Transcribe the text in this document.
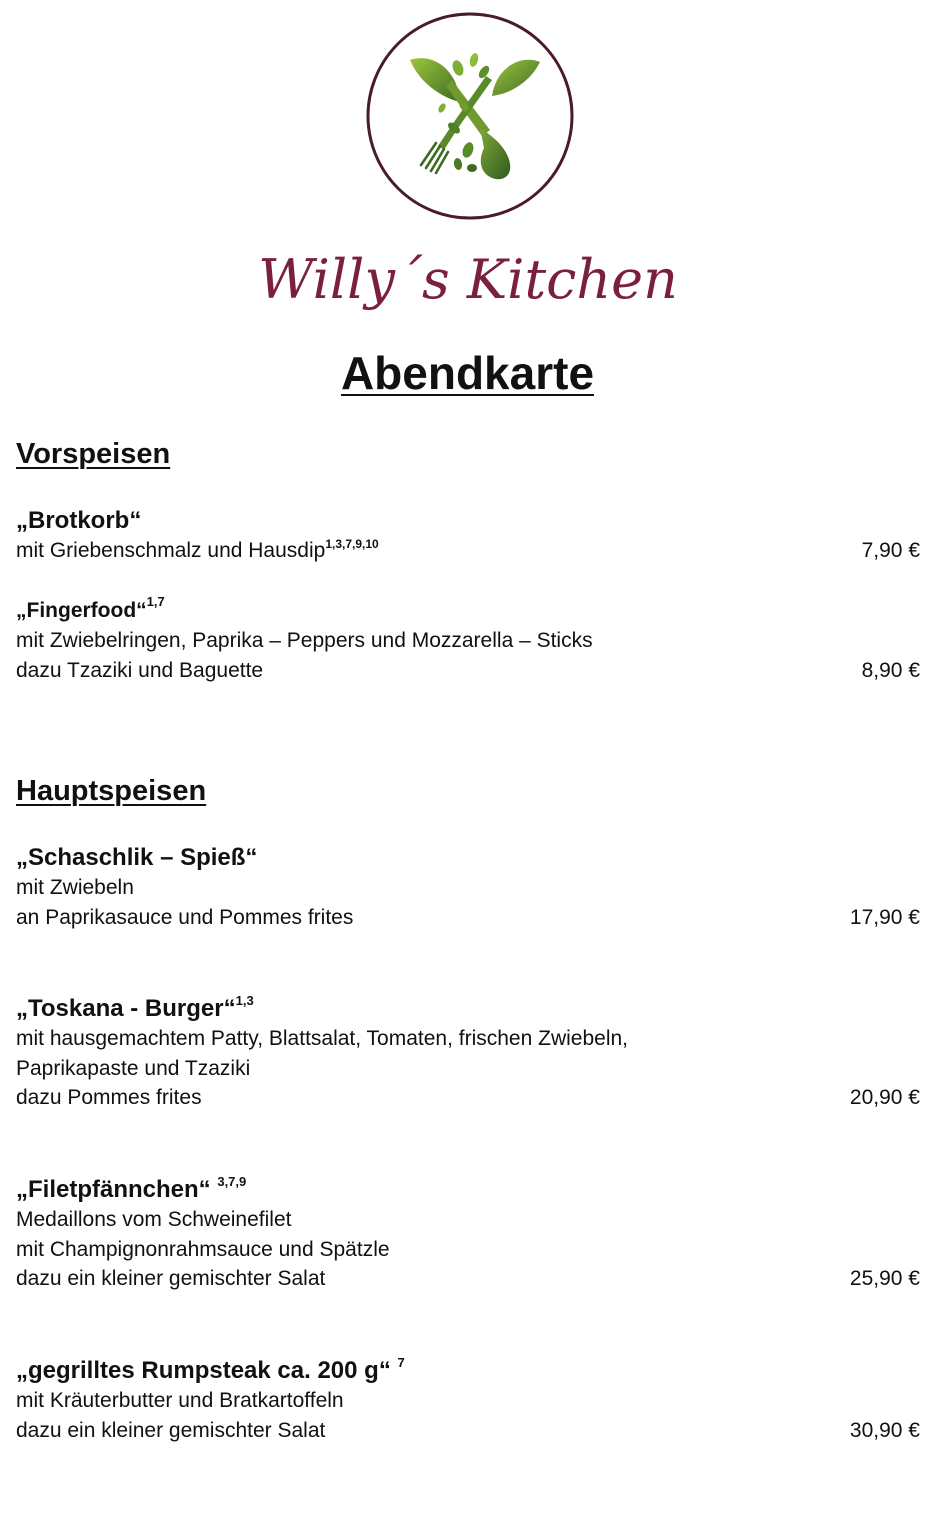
Willy´s Kitchen
Abendkarte
Vorspeisen
„Brotkorb“
mit Griebenschmalz und Hausdip$^{1,3,7,9,10}$	7,90 €
„Fingerfood“$^{1,7}$
mit Zwiebelringen, Paprika – Peppers und Mozzarella – Sticks
dazu Tzaziki und Baguette	8,90 €
Hauptspeisen
„Schaschlik – Spieß“
mit Zwiebeln
an Paprikasauce und Pommes frites	17,90 €
„Toskana - Burger“$^{1,3}$
mit hausgemachtem Patty, Blattsalat, Tomaten, frischen Zwiebeln,
Paprikapaste und Tzaziki
dazu Pommes frites	20,90 €
„Filetpfännchen“ $^{3,7,9}$
Medaillons vom Schweinefilet
mit Champignonrahmsauce und Spätzle
dazu ein kleiner gemischter Salat	25,90 €
„gegrilltes Rumpsteak ca. 200 g“ $^7$
mit Kräuterbutter und Bratkartoffeln
dazu ein kleiner gemischter Salat	30,90 €
